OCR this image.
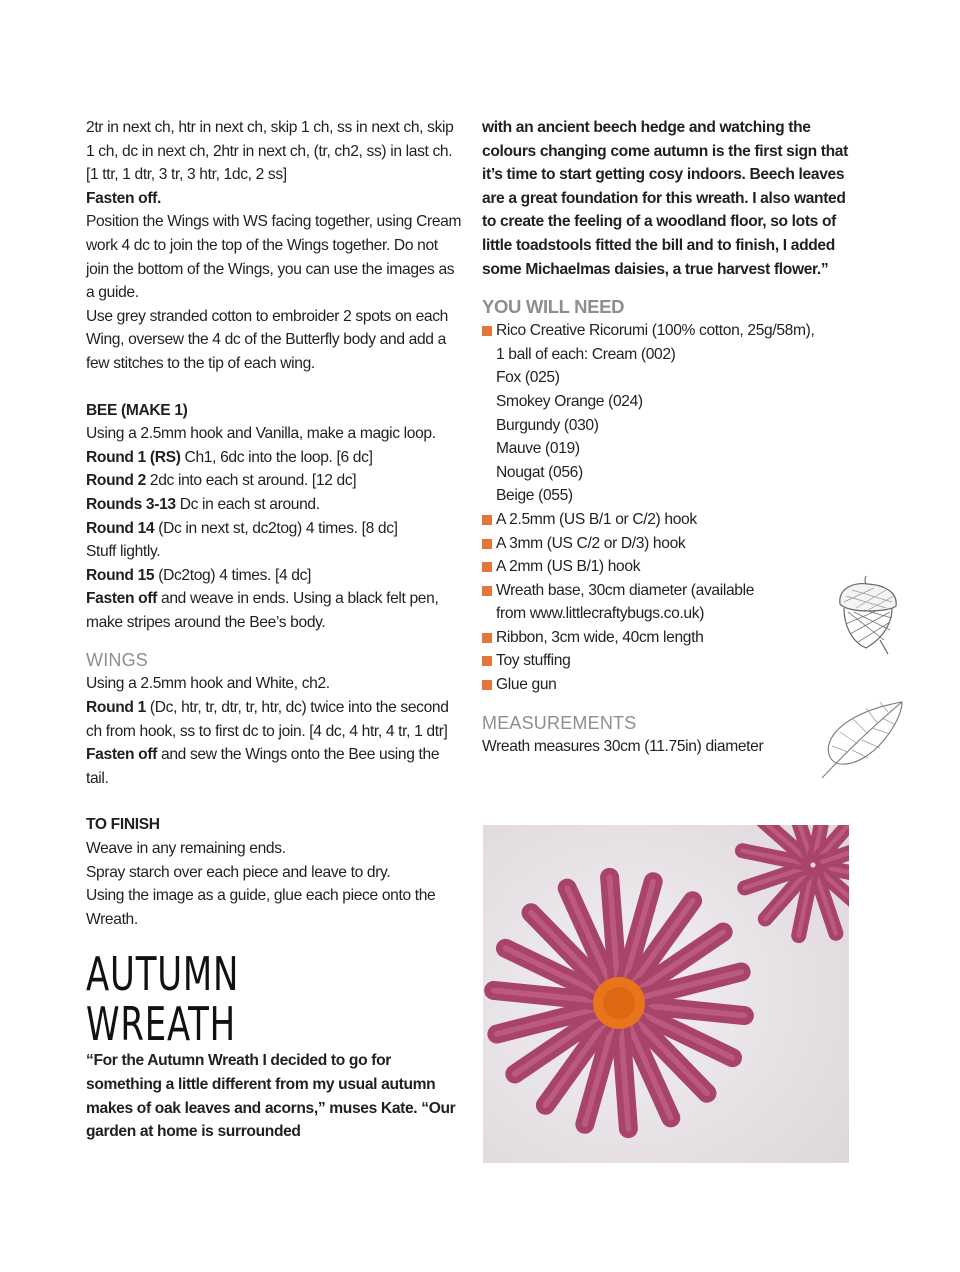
2tr in next ch, htr in next ch, skip 1 ch, ss in next ch, skip 1 ch, dc in next ch, 2htr in next ch, (tr, ch2, ss) in last ch. [1 ttr, 1 dtr, 3 tr, 3 htr, 1dc, 2 ss]

Fasten off.

Position the Wings with WS facing together, using Cream work 4 dc to join the top of the Wings together. Do not join the bottom of the Wings, you can use the images as a guide.

Use grey stranded cotton to embroider 2 spots on each Wing, oversew the 4 dc of the Butterfly body and add a few stitches to the tip of each wing.

BEE (MAKE 1)

Using a 2.5mm hook and Vanilla, make a magic loop.

Round 1 (RS) Ch1, 6dc into the loop. [6 dc]

Round 2 2dc into each st around. [12 dc]

Rounds 3-13 Dc in each st around.

Round 14 (Dc in next st, dc2tog) 4 times. [8 dc]

Stuff lightly.

Round 15 (Dc2tog) 4 times. [4 dc]

Fasten off and weave in ends. Using a black felt pen, make stripes around the Bee’s body.

WINGS

Using a 2.5mm hook and White, ch2.

Round 1 (Dc, htr, tr, dtr, tr, htr, dc) twice into the second ch from hook, ss to first dc to join. [4 dc, 4 htr, 4 tr, 1 dtr]

Fasten off and sew the Wings onto the Bee using the tail.

TO FINISH

Weave in any remaining ends.

Spray starch over each piece and leave to dry.

Using the image as a guide, glue each piece onto the Wreath.

AUTUMN WREATH

“For the Autumn Wreath I decided to go for something a little different from my usual autumn makes of oak leaves and acorns,” muses Kate. “Our garden at home is surrounded

with an ancient beech hedge and watching the colours changing come autumn is the first sign that it’s time to start getting cosy indoors. Beech leaves are a great foundation for this wreath. I also wanted to create the feeling of a woodland floor, so lots of little toadstools fitted the bill and to finish, I added some Michaelmas daisies, a true harvest flower.”

YOU WILL NEED

Rico Creative Ricorumi (100% cotton, 25g/58m),
1 ball of each: Cream (002)
Fox (025)
Smokey Orange (024)
Burgundy (030)
Mauve (019)
Nougat (056)
Beige (055)
A 2.5mm (US B/1 or C/2) hook
A 3mm (US C/2 or D/3) hook
A 2mm (US B/1) hook
Wreath base, 30cm diameter (available
from www.littlecraftybugs.co.uk)
Ribbon, 3cm wide, 40cm length
Toy stuffing
Glue gun

MEASUREMENTS

Wreath measures 30cm (11.75in) diameter
